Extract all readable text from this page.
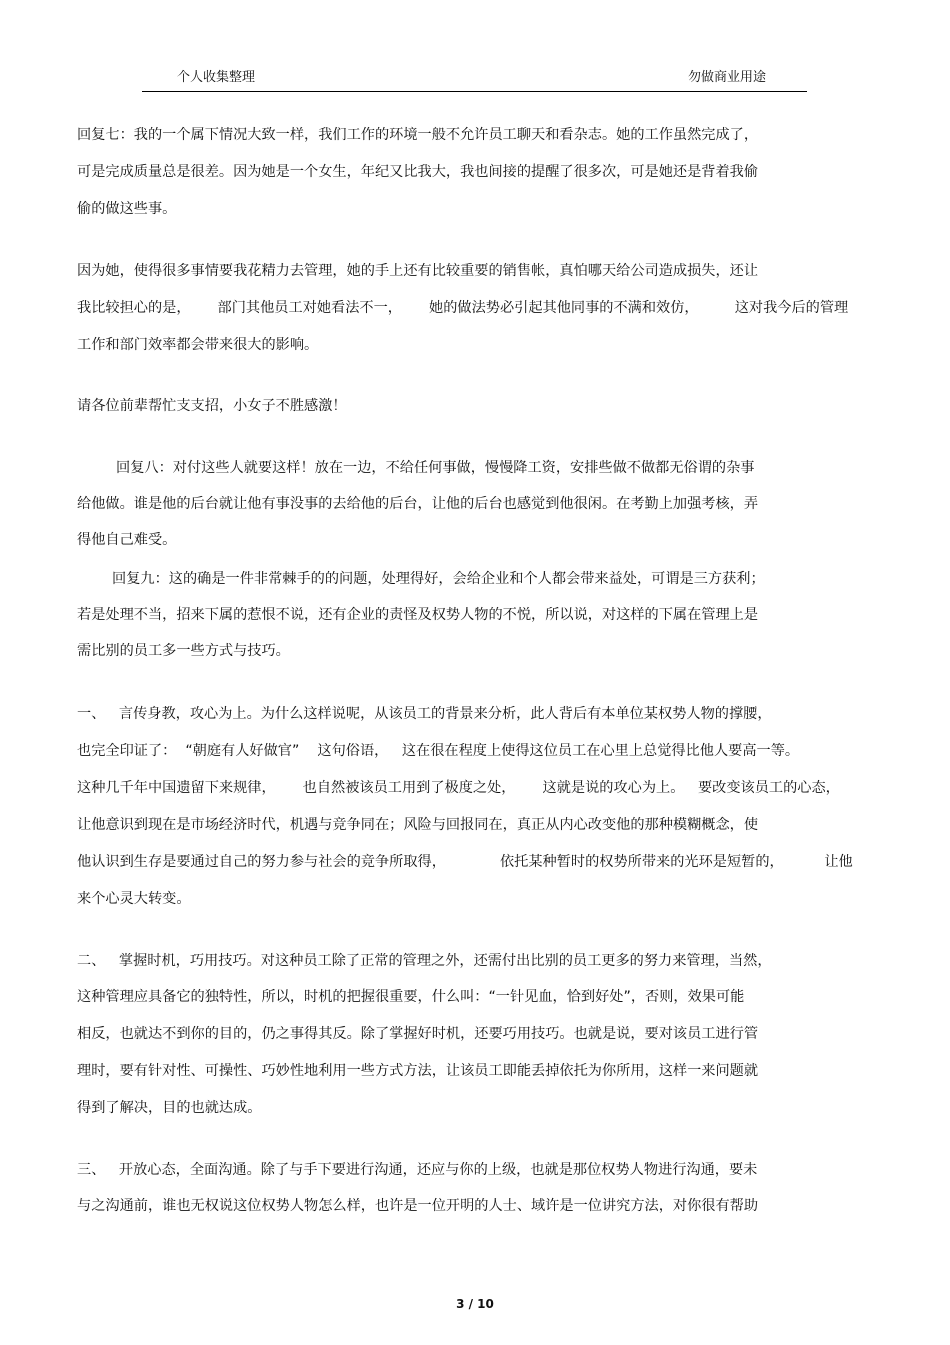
个人收集整理	勿做商业用途
回复七：我的一个属下情况大致一样，我们工作的环境一般不允许员工聊天和看杂志。她的工作虽然完成了，
可是完成质量总是很差。因为她是一个女生，年纪又比我大，我也间接的提醒了很多次，可是她还是背着我偷
偷的做这些事。
因为她，使得很多事情要我花精力去管理，她的手上还有比较重要的销售帐，真怕哪天给公司造成损失，还让
我比较担心的是，      部门其他员工对她看法不一，      她的做法势必引起其他同事的不满和效仿，        这对我今后的管理
工作和部门效率都会带来很大的影响。
请各位前辈帮忙支支招，小女子不胜感激！
回复八：对付这些人就要这样！放在一边，不给任何事做，慢慢降工资，安排些做不做都无俗谓的杂事
给他做。谁是他的后台就让他有事没事的去给他的后台，让他的后台也感觉到他很闲。在考勤上加强考核，弄
得他自己难受。
回复九：这的确是一件非常棘手的的问题，处理得好，会给企业和个人都会带来益处，可谓是三方获利；
若是处理不当，招来下属的惹恨不说，还有企业的责怪及权势人物的不悦，所以说，对这样的下属在管理上是
需比别的员工多一些方式与技巧。
一、   言传身教，攻心为上。为什么这样说呢，从该员工的背景来分析，此人背后有本单位某权势人物的撑腰，
也完全印证了：  “朝庭有人好做官”    这句俗语，   这在很在程度上使得这位员工在心里上总觉得比他人要高一等。
这种几千年中国遗留下来规律，      也自然被该员工用到了极度之处，      这就是说的攻心为上。   要改变该员工的心态，
让他意识到现在是市场经济时代，机遇与竞争同在；风险与回报同在，真正从内心改变他的那种模糊概念，使
他认识到生存是要通过自己的努力参与社会的竞争所取得，            依托某种暂时的权势所带来的光环是短暂的，         让他
来个心灵大转变。
二、   掌握时机，巧用技巧。对这种员工除了正常的管理之外，还需付出比别的员工更多的努力来管理，当然，
这种管理应具备它的独特性，所以，时机的把握很重要，什么叫：“一针见血，恰到好处”，否则，效果可能
相反，也就达不到你的目的，仍之事得其反。除了掌握好时机，还要巧用技巧。也就是说，要对该员工进行管
理时，要有针对性、可操性、巧妙性地利用一些方式方法，让该员工即能丢掉依托为你所用，这样一来问题就
得到了解决，目的也就达成。
三、   开放心态，全面沟通。除了与手下要进行沟通，还应与你的上级，也就是那位权势人物进行沟通，要未
与之沟通前，谁也无权说这位权势人物怎么样，也许是一位开明的人士、域许是一位讲究方法，对你很有帮助
3 / 10
